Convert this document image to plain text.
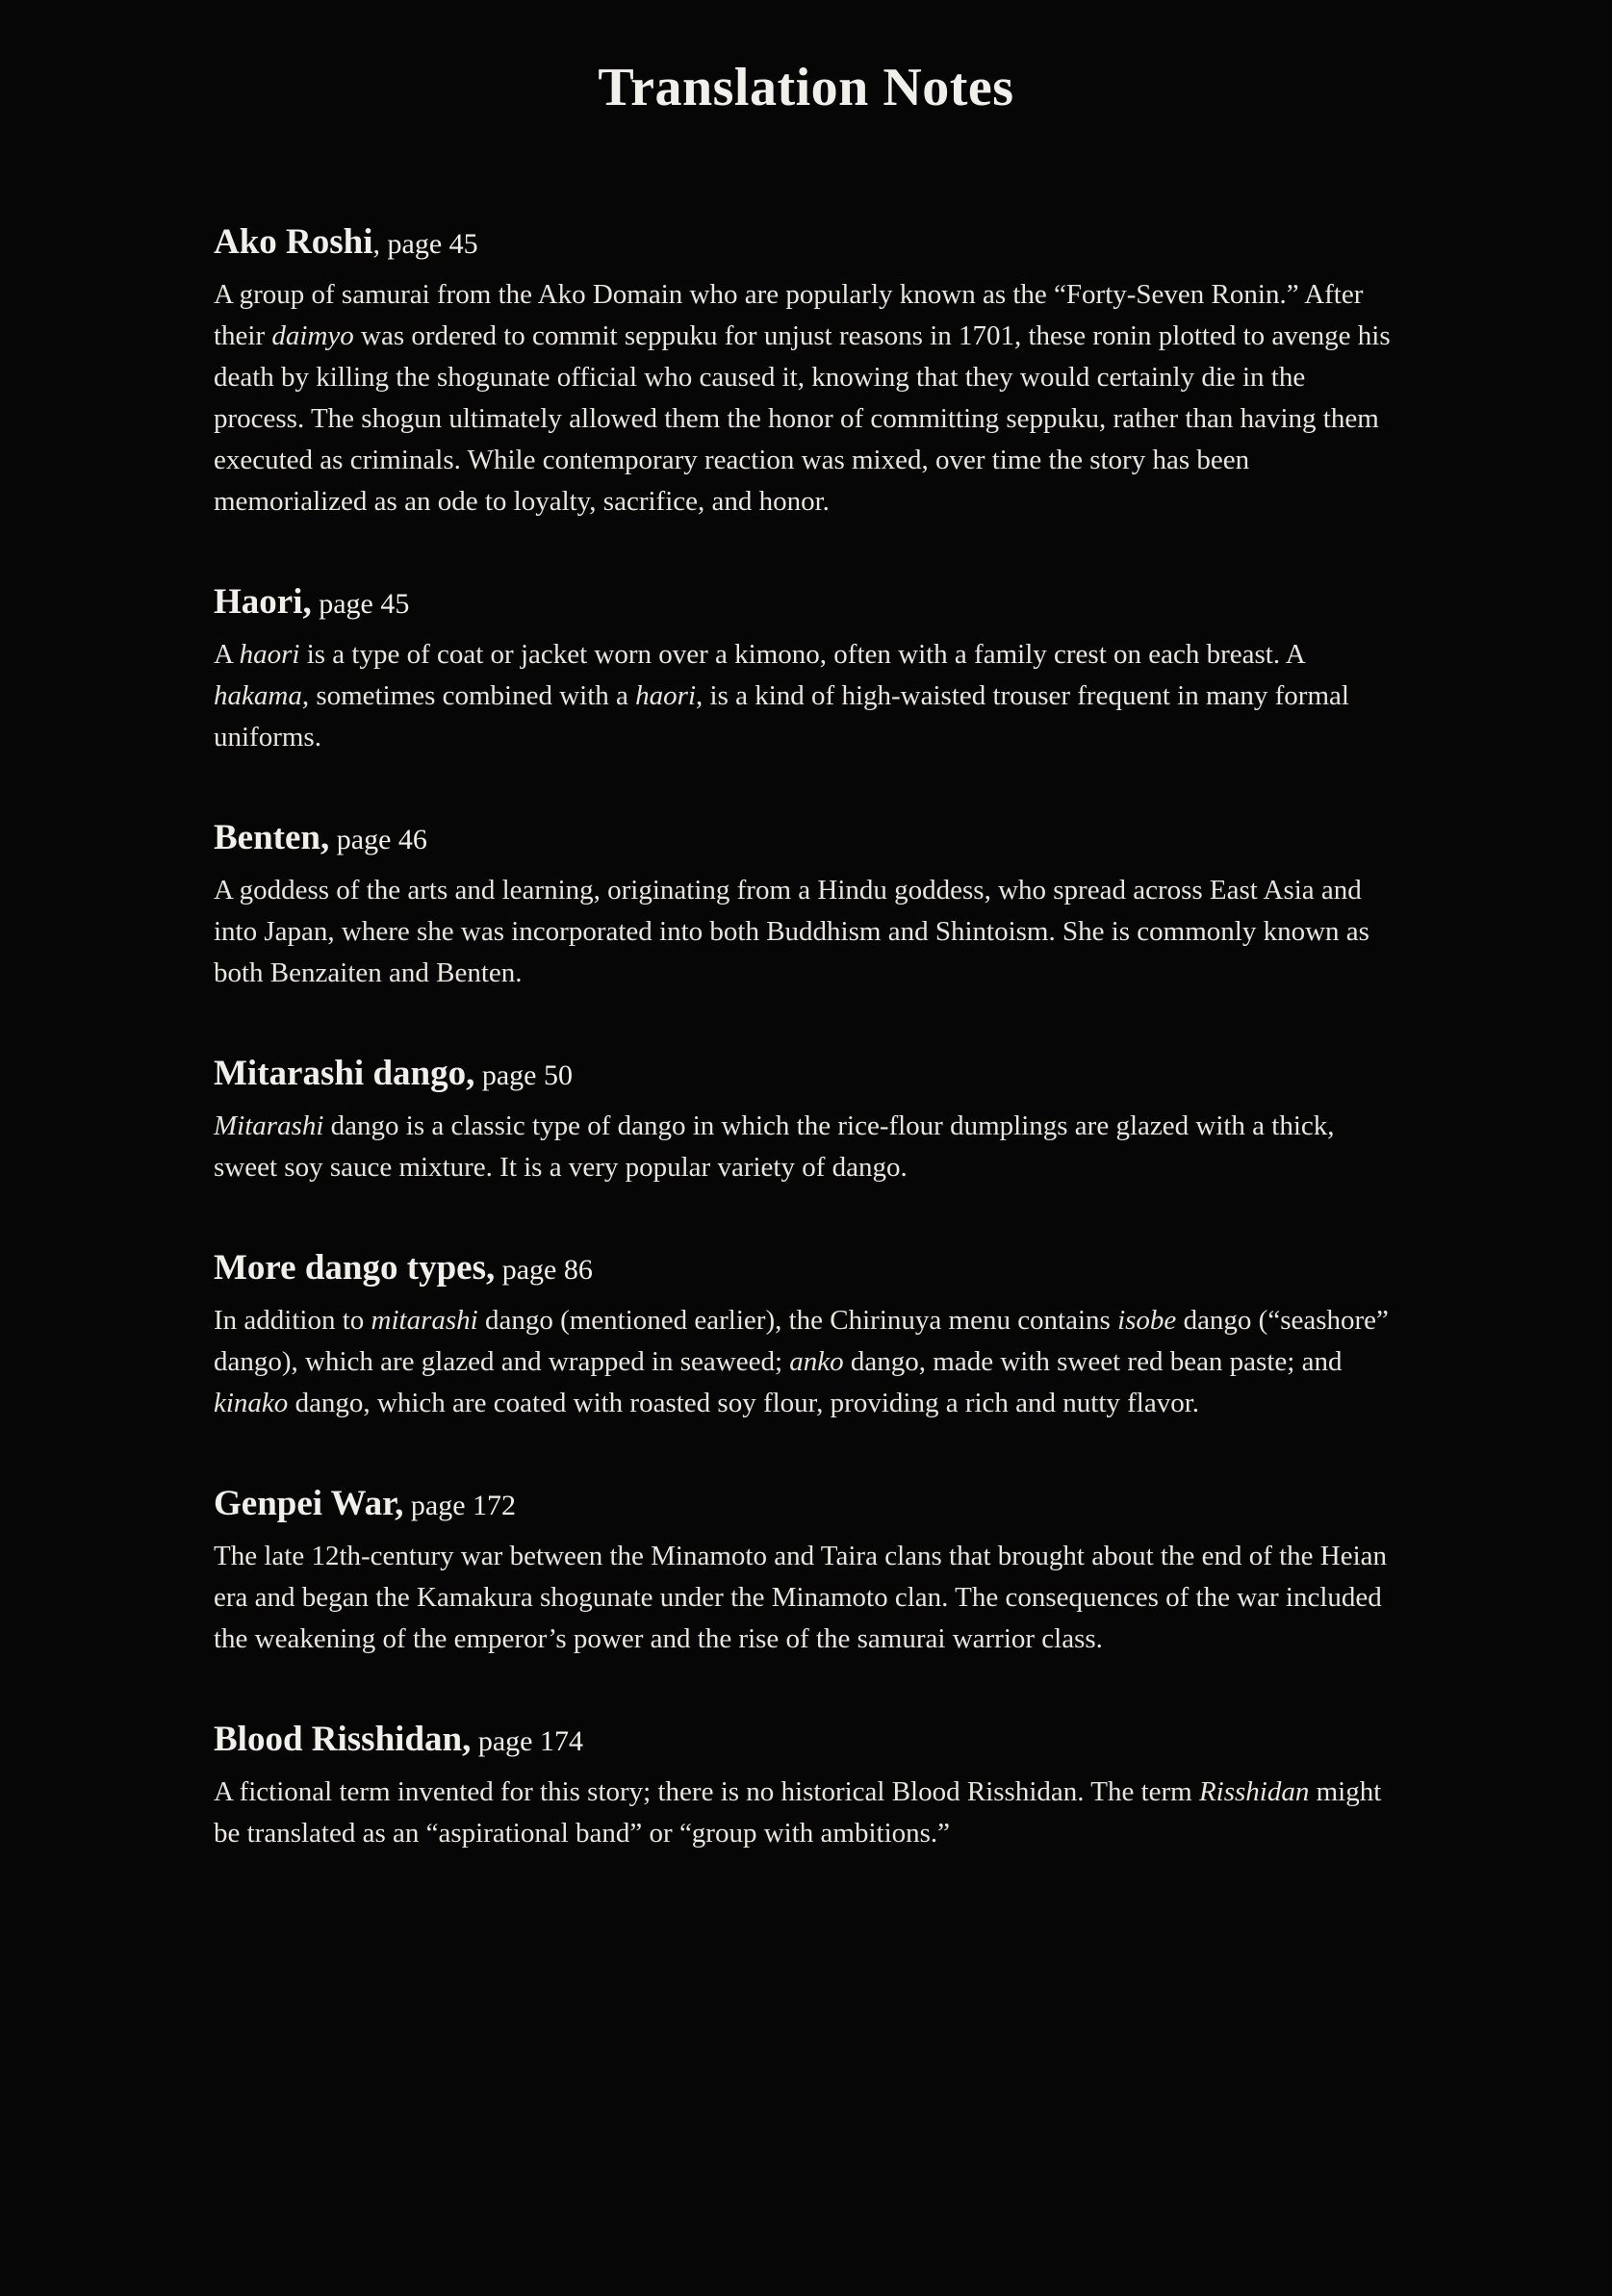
Translation Notes
Ako Roshi, page 45

A group of samurai from the Ako Domain who are popularly known as the “Forty-Seven Ronin.” After their daimyo was ordered to commit seppuku for unjust reasons in 1701, these ronin plotted to avenge his death by killing the shogunate official who caused it, knowing that they would certainly die in the process. The shogun ultimately allowed them the honor of committing seppuku, rather than having them executed as criminals. While contemporary reaction was mixed, over time the story has been memorialized as an ode to loyalty, sacrifice, and honor.

Haori, page 45

A haori is a type of coat or jacket worn over a kimono, often with a family crest on each breast. A hakama, sometimes combined with a haori, is a kind of high-waisted trouser frequent in many formal uniforms.

Benten, page 46

A goddess of the arts and learning, originating from a Hindu goddess, who spread across East Asia and into Japan, where she was incorporated into both Buddhism and Shintoism. She is commonly known as both Benzaiten and Benten.

Mitarashi dango, page 50

Mitarashi dango is a classic type of dango in which the rice-flour dumplings are glazed with a thick, sweet soy sauce mixture. It is a very popular variety of dango.

More dango types, page 86

In addition to mitarashi dango (mentioned earlier), the Chirinuya menu contains isobe dango (“seashore” dango), which are glazed and wrapped in seaweed; anko dango, made with sweet red bean paste; and kinako dango, which are coated with roasted soy flour, providing a rich and nutty flavor.

Genpei War, page 172

The late 12th-century war between the Minamoto and Taira clans that brought about the end of the Heian era and began the Kamakura shogunate under the Minamoto clan. The consequences of the war included the weakening of the emperor’s power and the rise of the samurai warrior class.

Blood Risshidan, page 174

A fictional term invented for this story; there is no historical Blood Risshidan. The term Risshidan might be translated as an “aspirational band” or “group with ambitions.”
